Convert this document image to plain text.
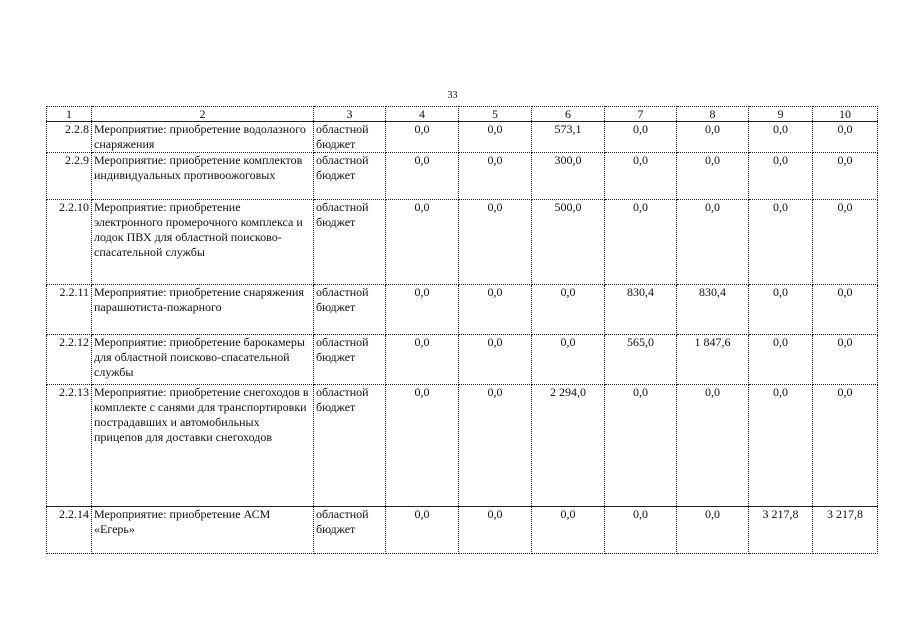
33
1	2	3	4	5	6	7	8	9	10
2.2.8	Мероприятие: приобретение водолазного снаряжения	областной бюджет	0,0	0,0	573,1	0,0	0,0	0,0	0,0
2.2.9	Мероприятие: приобретение комплектов индивидуальных противоожоговых	областной бюджет	0,0	0,0	300,0	0,0	0,0	0,0	0,0
2.2.10	Мероприятие: приобретение электронного промерочного комплекса и лодок ПВХ для областной поисково-спасательной службы	областной бюджет	0,0	0,0	500,0	0,0	0,0	0,0	0,0
2.2.11	Мероприятие: приобретение снаряжения парашютиста-пожарного	областной бюджет	0,0	0,0	0,0	830,4	830,4	0,0	0,0
2.2.12	Мероприятие: приобретение барокамеры для областной поисково-спасательной службы	областной бюджет	0,0	0,0	0,0	565,0	1 847,6	0,0	0,0
2.2.13	Мероприятие: приобретение снегоходов в комплекте с санями для транспортировки пострадавших и автомобильных прицепов для доставки снегоходов	областной бюджет	0,0	0,0	2 294,0	0,0	0,0	0,0	0,0
2.2.14	Мероприятие: приобретение АСМ «Егерь»	областной бюджет	0,0	0,0	0,0	0,0	0,0	3 217,8	3 217,8
